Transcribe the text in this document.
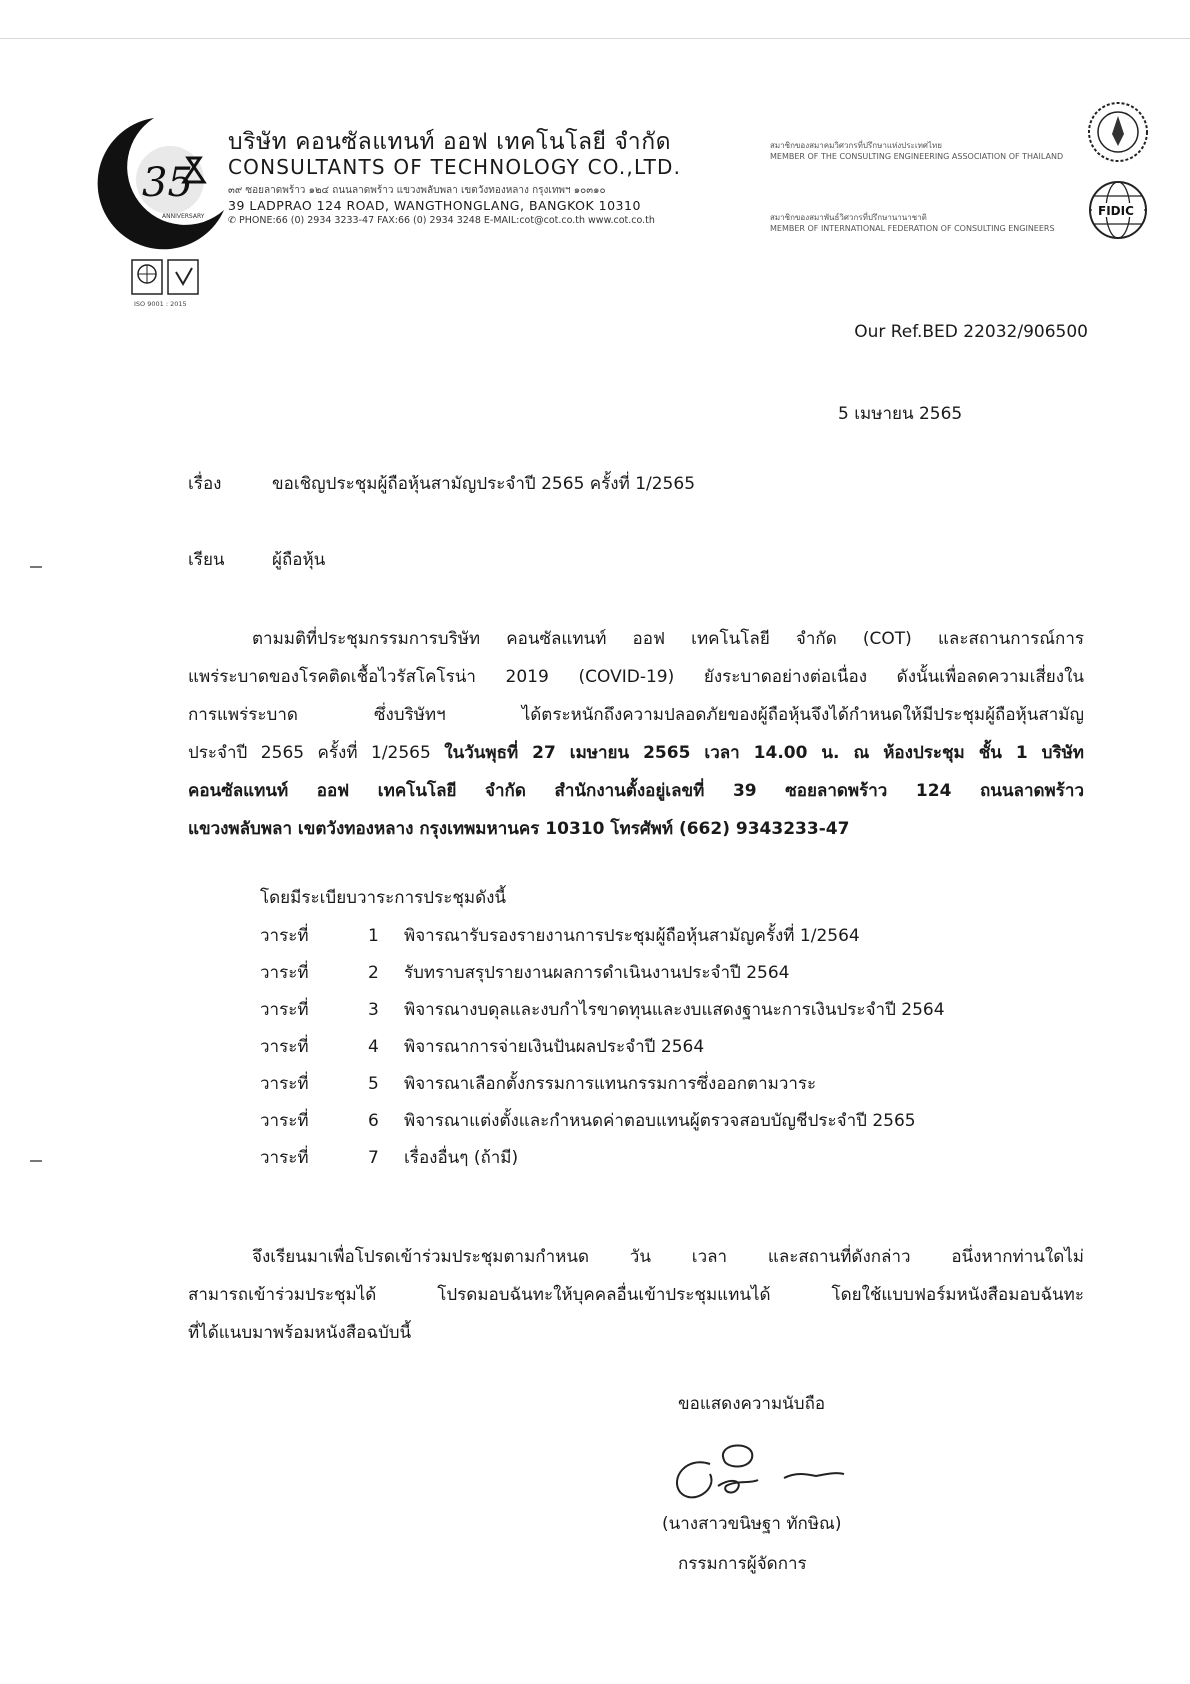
35
ANNIVERSARY
ISO 9001 : 2015
บริษัท คอนซัลแทนท์ ออฟ เทคโนโลยี จำกัด
CONSULTANTS OF TECHNOLOGY CO.,LTD.
๓๙ ซอยลาดพร้าว ๑๒๔ ถนนลาดพร้าว แขวงพลับพลา เขตวังทองหลาง กรุงเทพฯ ๑๐๓๑๐
39 LADPRAO 124 ROAD, WANGTHONGLANG, BANGKOK 10310
✆ PHONE:66 (0) 2934 3233-47 FAX:66 (0) 2934 3248 E-MAIL:cot@cot.co.th www.cot.co.th
สมาชิกของสมาคมวิศวกรที่ปรึกษาแห่งประเทศไทย
MEMBER OF THE CONSULTING ENGINEERING ASSOCIATION OF THAILAND
สมาชิกของสมาพันธ์วิศวกรที่ปรึกษานานาชาติ
MEMBER OF INTERNATIONAL FEDERATION OF CONSULTING ENGINEERS
FIDIC
Our Ref.BED 22032/906500
5 เมษายน 2565
เรื่อง	ขอเชิญประชุมผู้ถือหุ้นสามัญประจำปี 2565 ครั้งที่ 1/2565
เรียน	ผู้ถือหุ้น
ตามมติที่ประชุมกรรมการบริษัท คอนซัลแทนท์ ออฟ เทคโนโลยี จำกัด (COT) และสถานการณ์การ
แพร่ระบาดของโรคติดเชื้อไวรัสโคโรน่า 2019 (COVID-19) ยังระบาดอย่างต่อเนื่อง ดังนั้นเพื่อลดความเสี่ยงใน
การแพร่ระบาด ซึ่งบริษัทฯ ได้ตระหนักถึงความปลอดภัยของผู้ถือหุ้นจึงได้กำหนดให้มีประชุมผู้ถือหุ้นสามัญ
ประจำปี 2565 ครั้งที่ 1/2565 ในวันพุธที่ 27 เมษายน 2565 เวลา 14.00 น. ณ ห้องประชุม ชั้น 1 บริษัท
คอนซัลแทนท์ ออฟ เทคโนโลยี จำกัด สำนักงานตั้งอยู่เลขที่ 39 ซอยลาดพร้าว 124 ถนนลาดพร้าว
แขวงพลับพลา เขตวังทองหลาง กรุงเทพมหานคร 10310 โทรศัพท์ (662) 9343233-47
โดยมีระเบียบวาระการประชุมดังนี้
วาระที่	1	พิจารณารับรองรายงานการประชุมผู้ถือหุ้นสามัญครั้งที่ 1/2564
วาระที่	2	รับทราบสรุปรายงานผลการดำเนินงานประจำปี 2564
วาระที่	3	พิจารณางบดุลและงบกำไรขาดทุนและงบแสดงฐานะการเงินประจำปี 2564
วาระที่	4	พิจารณาการจ่ายเงินปันผลประจำปี 2564
วาระที่	5	พิจารณาเลือกตั้งกรรมการแทนกรรมการซึ่งออกตามวาระ
วาระที่	6	พิจารณาแต่งตั้งและกำหนดค่าตอบแทนผู้ตรวจสอบบัญชีประจำปี 2565
วาระที่	7	เรื่องอื่นๆ (ถ้ามี)
จึงเรียนมาเพื่อโปรดเข้าร่วมประชุมตามกำหนด วัน เวลา และสถานที่ดังกล่าว อนึ่งหากท่านใดไม่
สามารถเข้าร่วมประชุมได้ โปรดมอบฉันทะให้บุคคลอื่นเข้าประชุมแทนได้ โดยใช้แบบฟอร์มหนังสือมอบฉันทะ
ที่ได้แนบมาพร้อมหนังสือฉบับนี้
ขอแสดงความนับถือ
(นางสาวขนิษฐา ทักษิณ)
กรรมการผู้จัดการ
